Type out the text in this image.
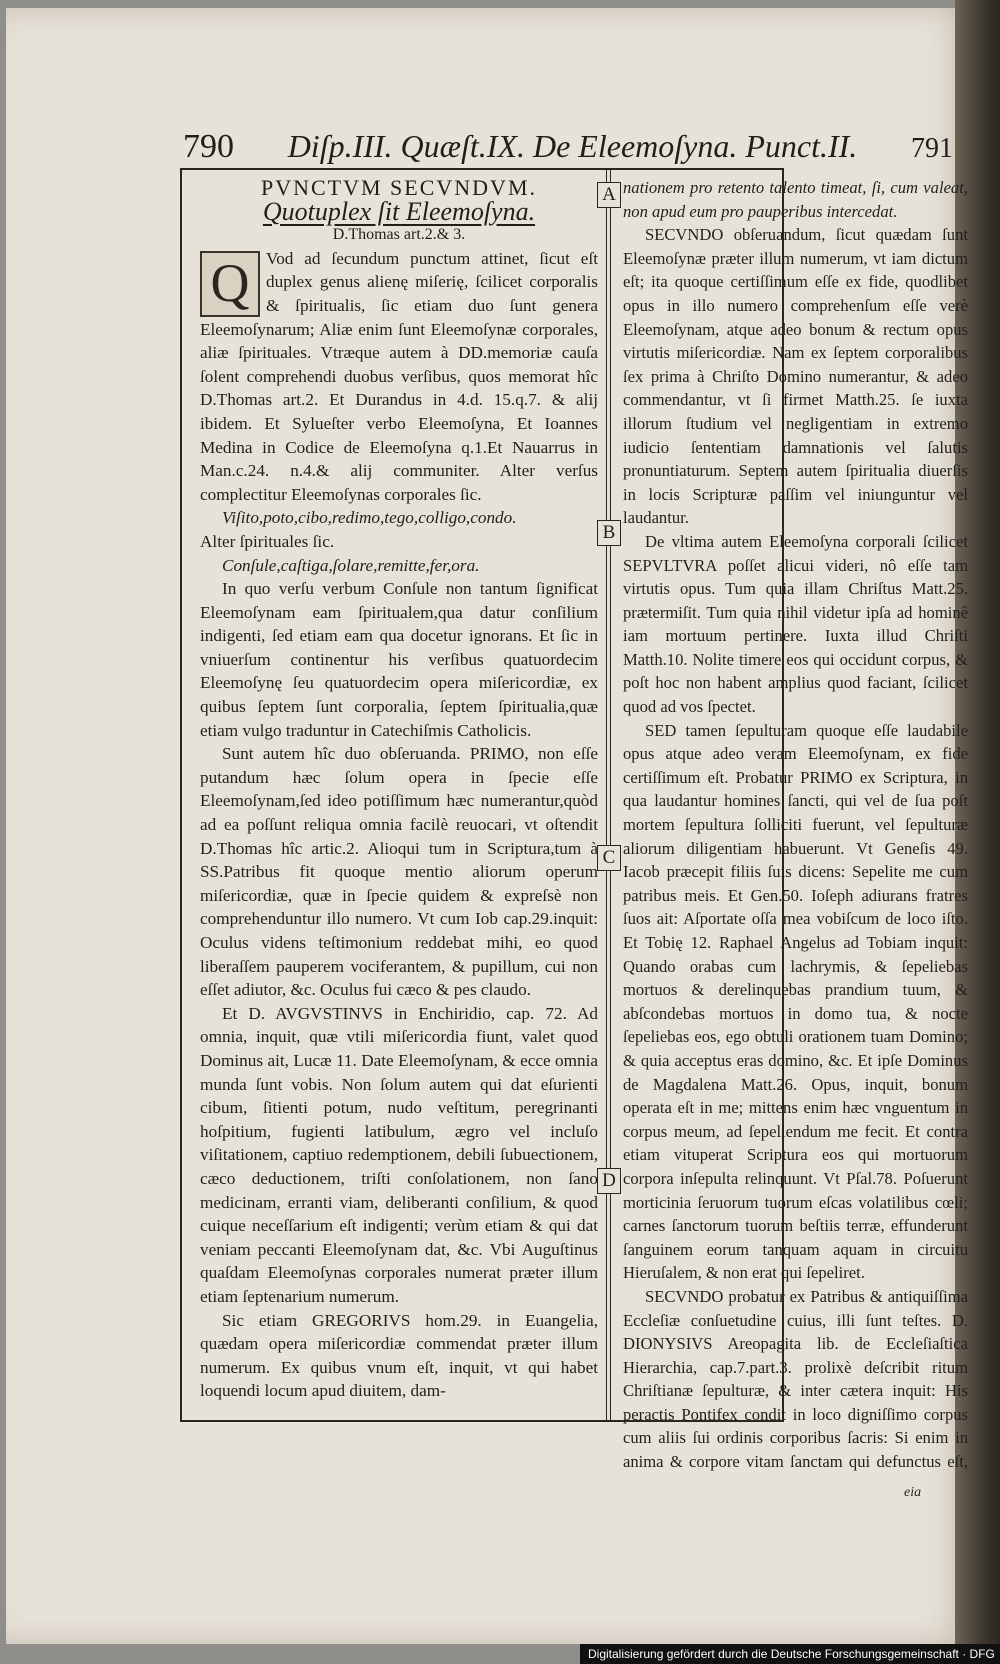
790	Diſp.III. Quæſt.IX. De Eleemoſyna. Punct.II.	791
A
B
C
D

PVNCTVM SECVNDVM.

Quotuplex ſit Eleemoſyna.

D.Thomas art.2.& 3.

Q Vod ad ſecundum punctum attinet, ſicut eſt duplex genus alienę miſerię, ſcilicet corporalis & ſpiritualis, ſic etiam duo ſunt genera Eleemoſynarum; Aliæ enim ſunt Eleemoſynæ corporales, aliæ ſpirituales. Vtræque autem à DD.memoriæ cauſa ſolent comprehendi duobus verſibus, quos memorat hîc D.Thomas art.2. Et Durandus in 4.d. 15.q.7. & alij ibidem. Et Sylueſter verbo Eleemoſyna, Et Ioannes Medina in Codice de Eleemoſyna q.1.Et Nauarrus in Man.c.24. n.4.& alij communiter. Alter verſus complectitur Eleemoſynas corporales ſic.

Viſito,poto,cibo,redimo,tego,colligo,condo.

Alter ſpirituales ſic.

Conſule,caſtiga,ſolare,remitte,fer,ora.

In quo verſu verbum Conſule non tantum ſignificat Eleemoſynam eam ſpiritualem,qua datur conſilium indigenti, ſed etiam eam qua docetur ignorans. Et ſic in vniuerſum continentur his verſibus quatuordecim Eleemoſynę ſeu quatuordecim opera miſericordiæ, ex quibus ſeptem ſunt corporalia, ſeptem ſpiritualia,quæ etiam vulgo traduntur in Catechiſmis Catholicis.

Sunt autem hîc duo obſeruanda. PRIMO, non eſſe putandum hæc ſolum opera in ſpecie eſſe Eleemoſynam,ſed ideo potiſſimum hæc numerantur,quòd ad ea poſſunt reliqua omnia facilè reuocari, vt oſtendit D.Thomas hîc artic.2. Alioqui tum in Scriptura,tum à SS.Patribus fit quoque mentio aliorum operum miſericordiæ, quæ in ſpecie quidem & expreſsè non comprehenduntur illo numero. Vt cum Iob cap.29.inquit: Oculus videns teſtimonium reddebat mihi, eo quod liberaſſem pauperem vociferantem, & pupillum, cui non eſſet adiutor, &c. Oculus fui cæco & pes claudo.

Et D. AVGVSTINVS in Enchiridio, cap. 72. Ad omnia, inquit, quæ vtili miſericordia fiunt, valet quod Dominus ait, Lucæ 11. Date Eleemoſynam, & ecce omnia munda ſunt vobis. Non ſolum autem qui dat eſurienti cibum, ſitienti potum, nudo veſtitum, peregrinanti hoſpitium, fugienti latibulum, ægro vel incluſo viſitationem, captiuo redemptionem, debili ſubuectionem, cæco deductionem, triſti conſolationem, non ſano medicinam, erranti viam, deliberanti conſilium, & quod cuique neceſſarium eſt indigenti; verùm etiam & qui dat veniam peccanti Eleemoſynam dat, &c. Vbi Auguſtinus quaſdam Eleemoſynas corporales numerat præter illum etiam ſeptenarium numerum.

Sic etiam GREGORIVS hom.29. in Euangelia, quædam opera miſericordiæ commendat præter illum numerum. Ex quibus vnum eſt, inquit, vt qui habet loquendi locum apud diuitem, dam-

nationem pro retento talento timeat, ſi, cum valeat, non apud eum pro pauperibus intercedat.

SECVNDO obſeruandum, ſicut quædam ſunt Eleemoſynæ præter illum numerum, vt iam dictum eſt; ita quoque certiſſimum eſſe ex fide, quodlibet opus in illo numero comprehenſum eſſe verè Eleemoſynam, atque adeo bonum & rectum opus virtutis miſericordiæ. Nam ex ſeptem corporalibus ſex prima à Chriſto Domino numerantur, & adeo commendantur, vt ſi firmet Matth.25. ſe iuxta illorum ſtudium vel negligentiam in extremo iudicio ſententiam damnationis vel ſalutis pronuntiaturum. Septem autem ſpiritualia diuerſis in locis Scripturæ paſſim vel iniunguntur vel laudantur.

De vltima autem Eleemoſyna corporali ſcilicet SEPVLTVRA poſſet alicui videri, nô eſſe tam virtutis opus. Tum quia illam Chriſtus Matt.25. prætermiſit. Tum quia nihil videtur ipſa ad hominê iam mortuum pertinere. Iuxta illud Chriſti Matth.10. Nolite timere eos qui occidunt corpus, & poſt hoc non habent amplius quod faciant, ſcilicet quod ad vos ſpectet.

SED tamen ſepulturam quoque eſſe laudabile opus atque adeo veram Eleemoſynam, ex fide certiſſimum eſt. Probatur PRIMO ex Scriptura, in qua laudantur homines ſancti, qui vel de ſua poſt mortem ſepultura ſolliciti fuerunt, vel ſepulturæ aliorum diligentiam habuerunt. Vt Geneſis 49. Iacob præcepit filiis ſuis dicens: Sepelite me cum patribus meis. Et Gen.50. Ioſeph adiurans fratres ſuos ait: Aſportate oſſa mea vobiſcum de loco iſto. Et Tobię 12. Raphael Angelus ad Tobiam inquit: Quando orabas cum lachrymis, & ſepeliebas mortuos & derelinquebas prandium tuum, & abſcondebas mortuos in domo tua, & nocte ſepeliebas eos, ego obtuli orationem tuam Domino; & quia acceptus eras domino, &c. Et ipſe Dominus de Magdalena Matt.26. Opus, inquit, bonum operata eſt in me; mittens enim hæc vnguentum in corpus meum, ad ſepeliendum me fecit. Et contra etiam vituperat Scriptura eos qui mortuorum corpora inſepulta relinquunt. Vt Pſal.78. Poſuerunt morticinia ſeruorum tuorum eſcas volatilibus cœli; carnes ſanctorum tuorum beſtiis terræ, effunderunt ſanguinem eorum tanquam aquam in circuitu Hieruſalem, & non erat qui ſepeliret.

SECVNDO probatur ex Patribus & antiquiſſima Eccleſiæ conſuetudine cuius, illi ſunt teſtes. D. DIONYSIVS Areopagita lib. de Eccleſiaſtica Hierarchia, cap.7.part.3. prolixè deſcribit ritum Chriſtianæ ſepulturæ, & inter cætera inquit: His peractis Pontifex condit in loco digniſſimo corpus cum aliis ſui ordinis corporibus ſacris: Si enim in anima & corpore vitam ſanctam qui defunctus eſt,

eia
Digitalisierung gefördert durch die Deutsche Forschungsgemeinschaft · DFG
